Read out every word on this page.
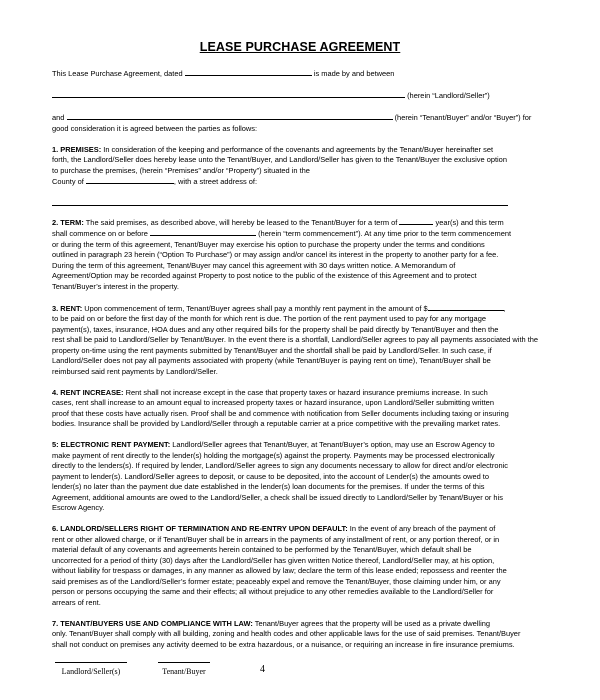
LEASE PURCHASE AGREEMENT
This Lease Purchase Agreement, dated	is made by and between
(herein “Landlord/Seller”)
and	(herein “Tenant/Buyer” and/or “Buyer”) for
good consideration it is agreed between the parties as follows:
1. PREMISES: In consideration of the keeping and performance of the covenants and agreements by the Tenant/Buyer hereinafter set
forth, the Landlord/Seller does hereby lease unto the Tenant/Buyer, and Landlord/Seller has given to the Tenant/Buyer the exclusive option
to purchase the premises, (herein “Premises” and/or “Property”) situated in the
County of	, with a street address of:
2. TERM: The said premises, as described above, will hereby be leased to the Tenant/Buyer for a term of	year(s) and this term
shall commence on or before	(herein “term commencement”). At any time prior to the term commencement
or during the term of this agreement, Tenant/Buyer may exercise his option to purchase the property under the terms and conditions
outlined in paragraph 23 herein (“Option To Purchase”) or may assign and/or cancel its interest in the property to another party for a fee.
During the term of this agreement, Tenant/Buyer may cancel this agreement with 30 days written notice. A Memorandum of
Agreement/Option may be recorded against Property to post notice to the public of the existence of this Agreement and to protect
Tenant/Buyer’s interest in the property.
3. RENT: Upon commencement of term, Tenant/Buyer agrees shall pay a monthly rent payment in the amount of $	,
to be paid on or before the first day of the month for which rent is due. The portion of the rent payment used to pay for any mortgage
payment(s), taxes, insurance, HOA dues and any other required bills for the property shall be paid directly by Tenant/Buyer and then the
rest shall be paid to Landlord/Seller by Tenant/Buyer. In the event there is a shortfall, Landlord/Seller agrees to pay all payments associated with the
property on-time using the rent payments submitted by Tenant/Buyer and the shortfall shall be paid by Landlord/Seller. In such case, if
Landlord/Seller does not pay all payments associated with property (while Tenant/Buyer is paying rent on time), Tenant/Buyer shall be
reimbursed said rent payments by Landlord/Seller.
4. RENT INCREASE: Rent shall not increase except in the case that property taxes or hazard insurance premiums increase. In such
cases, rent shall increase to an amount equal to increased property taxes or hazard insurance, upon Landlord/Seller submitting written
proof that these costs have actually risen. Proof shall be and commence with notification from Seller documents including taxing or insuring
bodies. Insurance shall be provided by Landlord/Seller through a reputable carrier at a price competitive with the prevailing market rates.
5: ELECTRONIC RENT PAYMENT: Landlord/Seller agrees that Tenant/Buyer, at Tenant/Buyer’s option, may use an Escrow Agency to
make payment of rent directly to the lender(s) holding the mortgage(s) against the property. Payments may be processed electronically
directly to the lenders(s). If required by lender, Landlord/Seller agrees to sign any documents necessary to allow for direct and/or electronic
payment to lender(s). Landlord/Seller agrees to deposit, or cause to be deposited, into the account of Lender(s) the amounts owed to
lender(s) no later than the payment due date established in the lender(s) loan documents for the premises. If under the terms of this
Agreement, additional amounts are owed to the Landlord/Seller, a check shall be issued directly to Landlord/Seller by Tenant/Buyer or his
Escrow Agency.
6. LANDLORD/SELLERS RIGHT OF TERMINATION AND RE-ENTRY UPON DEFAULT: In the event of any breach of the payment of
rent or other allowed charge, or if Tenant/Buyer shall be in arrears in the payments of any installment of rent, or any portion thereof, or in
material default of any covenants and agreements herein contained to be performed by the Tenant/Buyer, which default shall be
uncorrected for a period of thirty (30) days after the Landlord/Seller has given written Notice thereof, Landlord/Seller may, at his option,
without liability for trespass or damages, in any manner as allowed by law; declare the term of this lease ended; repossess and reenter the
said premises as of the Landlord/Seller’s former estate; peaceably expel and remove the Tenant/Buyer, those claiming under him, or any
person or persons occupying the same and their effects; all without prejudice to any other remedies available to the Landlord/Seller for
arrears of rent.
7. TENANT/BUYERS USE AND COMPLIANCE WITH LAW: Tenant/Buyer agrees that the property will be used as a private dwelling
only. Tenant/Buyer shall comply with all building, zoning and health codes and other applicable laws for the use of said premises. Tenant/Buyer
shall not conduct on premises any activity deemed to be extra hazardous, or a nuisance, or requiring an increase in fire insurance premiums.
Landlord/Seller(s)	4
Tenant/Buyer
